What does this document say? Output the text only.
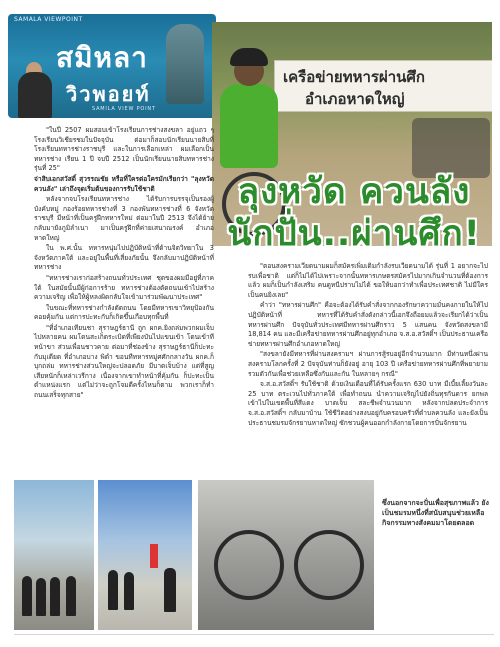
SAMALA VIEWPOINT
สมิหลา
วิวพอยท์
SAMILA VIEW POINT
เครือข่ายทหารผ่านศึก
อำเภอหาดใหญ่
ลุงหวัด ควนลัง
นักปั่น..ผ่านศึก!

"ในปี 2507 ผมสอบเข้าโรงเรียนการช่างสงขลา อยู่แถว ๆ โรงเรียนวิเชียรชมในปัจจุบัน ต่อมาก็สอบนักเรียนนายสิบที่โรงเรียนทหารช่างราชบุรี และในการเลือกเหล่า ผมเลือกเป็นทหารช่าง เรียน 1 ปี จบปี 2512 เป็นนักเรียนนายสิบทหารช่าง รุ่นที่ 25"

จ่าสิบเอกสวัสดิ์ สุวรรณชัย หรือที่ใครต่อใครมักเรียกว่า "ลุงหวัด ควนลัง" เล่าถึงจุดเริ่มต้นของการรับใช้ชาติ

หลังจากจบโรงเรียนทหารช่าง ได้รับการบรรจุเป็นรองผู้บังคับหมู่ กองร้อยทหารช่างที่ 3 กองพันทหารช่างที่ 6 จังหวัดราชบุรี มีหน้าที่เป็นครูฝึกทหารใหม่ ต่อมาในปี 2513 จึงได้ย้ายกลับมายังภูมิลำเนา มาเป็นครูฝึกที่ค่ายเสนาณรงค์ อำเภอหาดใหญ่

ใน พ.ศ.นั้น ทหารหนุ่มไปปฏิบัติหน้าที่ด้านจิตวิทยาใน 3 จังหวัดภาคใต้ และอยู่ในพื้นที่เสี่ยงภัยนั้น จึงกลับมาปฏิบัติหน้าที่ทหารช่าง

"ทหารช่างเราก่อสร้างถนนทั่วประเทศ ชุดของผมมีอยู่ที่ภาคใต้ ในสมัยนั้นมีผู้ก่อการร้าย ทหารช่างต้องตัดถนนเข้าไปสร้างความเจริญ เพื่อให้ผู้หลงผิดกลับใจเข้ามาร่วมพัฒนาประเทศ"

ในขณะที่ทหารช่างกำลังตัดถนน โดยมีทหารเขาวิทยุป้องกันคอยคุ้มกัน แต่การปะทะกับก็เกิดขึ้นเกือบทุกพื้นที่

"ที่อำเภอเทียนชา สุราษฎร์ธานี ถูก ผกค.ยิงถล่มพวกผมเจ็บไปหลายคน ผมโดนสะเก็ดระเบิดที่เพียงบันไปแขนเข้า โดนเข้าทีหน้าขา ส่วนเพื่อนชาวคาย ต่อมาที่ช่องข้าง สุราษฎร์ธานีก็ปะทะกับมุเดียด ที่อำเภอบาง พิตำ ขอนทีทหารหมู่ศศักกลางวัน ผกค.ก็บุกถล่ม ทหารช่างส่วนใหญ่จะปลอดภัย มีบาดเจ็บบ้าง แต่ที่สูญเสียหนักก็เหล่าเวรีกาง เนื่องจากเขาทำหน้าที่คุ้มกัน ก็ปะทะเป็นตำแหน่งแรก แต่ไม่ว่าจะถูกโจมตีครั้งไหนก็ตาม พวกเราก็ทำถนนเสร็จทุกสาย"

"ตอนสงครามเวียดนามผมก็สมัครเพิ่มเติมกำลังรบเวียดนามได้ รุ่นที่ 1 อยากจะไปรบเพื่อชาติ แต่ก็ไม่ได้ไปเพราะจากนั้นทหารเกษตรสมัครไปมากเกินจำนวนที่ต้องการแล้ว ผมก็เป็นกำลังเสริม คนดูหนีปราบไม่ได้ ขอให้บอกว่าทำเพื่อประเทศชาติ ไม่มีใครเป็นคนยิงเลย"

คำว่า "ทหารผ่านศึก" คือจะต้องได้รับคำสั่งจากกองรักษาความมั่นคงภายในให้ไปปฏิบัติหน้าที่ ทหารที่ได้รับคำสั่งดังกล่าวนี้เอกจึงถือยมแล้วจะเรียกได้ว่าเป็นทหารผ่านศึก ปัจจุบันทั่วประเทศมีทหารผ่านศึกราว 5 แสนคน จังหวัดสงขลามี 18,814 คน และมีเครือข่ายทหารผ่านศึกอยู่ทุกอำเภอ จ.ส.อ.สวัสดิ์ฯ เป็นประธานเครือข่ายทหารผ่านศึกอำเภอหาดใหญ่

"สงขลายังมีทหารที่ผ่านสงครามฯ ผ่านการสู้รบอยู่อีกจำนวนมาก มีท่านหนึ่งผ่านสงครามโลกครั้งที่ 2 ปัจจุบันท่านก็ยังอยู่ อายุ 103 ปี เครือข่ายทหารผ่านศึกที่พยายามรวมตัวกันเพื่อช่วยเหลือซึ่งกันและกัน ในหลายๆ กรณี"

จ.ส.อ.สวัสดิ์ฯ รับใช้ชาติ ด้วยเงินเดือนที่ได้รับครั้งแรก 630 บาท มีเบี้ยเลี้ยงวันละ 25 บาท ตระเวนไปทั่วภาคใต้ เพื่อทำถนน นำความเจริญไปยังถิ่นทุรกันดาร ยกพลเข้าไปในเขตพื้นที่สีแดง บาดเจ็บ สละชีพจำนวนมาก หลังจากปลดประจำการ จ.ส.อ.สวัสดิ์ฯ กลับมาบ้าน ใช้ชีวิตอย่างสงบอยู่กับครอบครัวที่ตำบลควนลัง และยังเป็นประธานชมรมจักรยานหาดใหญ่ ซักชวนผู้คนออกกำลังกายโดยการปั่นจักรยาน

ซึ่งนอกจากจะปั่นเพื่อสุขภาพแล้ว ยังเป็นชมรมหนึ่งที่สนับสนุนช่วยเหลือกิจกรรมทางสังคมมาโดยตลอด
